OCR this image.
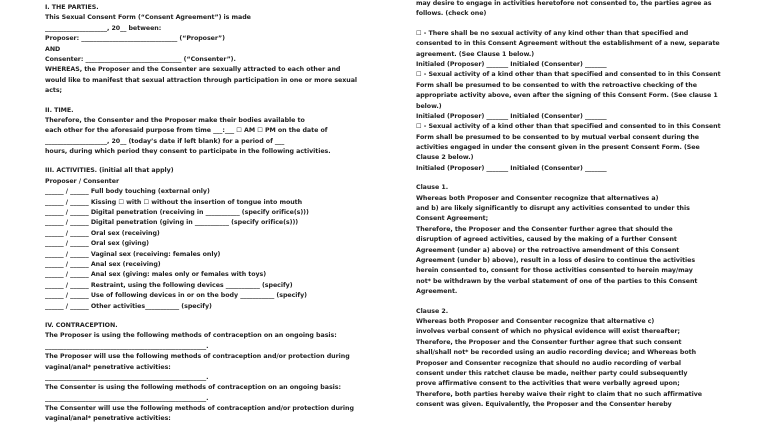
I. THE PARTIES.
This Sexual Consent Form (“Consent Agreement”) is made
____________________, 20__ between:
Proposer: _______________________________ (“Proposer”)
AND
Consenter: _______________________________ (“Consenter”).
WHEREAS, the Proposer and the Consenter are sexually attracted to each other and
would like to manifest that sexual attraction through participation in one or more sexual
acts;
II. TIME.
Therefore, the Consenter and the Proposer make their bodies available to
each other for the aforesaid purpose from time ___:___ ☐ AM ☐ PM on the date of
____________________, 20__ (today’s date if left blank) for a period of ___
hours, during which period they consent to participate in the following activities.
III. ACTIVITIES. (initial all that apply)
Proposer / Consenter
______ / ______ Full body touching (external only)
______ / ______ Kissing ☐ with ☐ without the insertion of tongue into mouth
______ / ______ Digital penetration (receiving in ___________ (specify orifice(s)))
______ / ______ Digital penetration (giving in ___________ (specify orifice(s)))
______ / ______ Oral sex (receiving)
______ / ______ Oral sex (giving)
______ / ______ Vaginal sex (receiving: females only)
______ / ______ Anal sex (receiving)
______ / ______ Anal sex (giving: males only or females with toys)
______ / ______ Restraint, using the following devices ___________ (specify)
______ / ______ Use of following devices in or on the body ___________ (specify)
______ / ______ Other activities___________ (specify)
IV. CONTRACEPTION.
The Proposer is using the following methods of contraception on an ongoing basis:
____________________________________________________.
The Proposer will use the following methods of contraception and/or protection during
vaginal/anal* penetrative activities:
____________________________________________________.
The Consenter is using the following methods of contraception on an ongoing basis:
____________________________________________________.
The Consenter will use the following methods of contraception and/or protection during
vaginal/anal* penetrative activities:
may desire to engage in activities heretofore not consented to, the parties agree as
follows. (check one)
☐ - There shall be no sexual activity of any kind other than that specified and
consented to in this Consent Agreement without the establishment of a new, separate
agreement. (See Clause 1 below.)
Initialed (Proposer) _______ Initialed (Consenter) _______
☐ - Sexual activity of a kind other than that specified and consented to in this Consent
Form shall be presumed to be consented to with the retroactive checking of the
appropriate activity above, even after the signing of this Consent Form. (See clause 1
below.)
Initialed (Proposer) _______ Initialed (Consenter) _______
☐ - Sexual activity of a kind other than that specified and consented to in this Consent
Form shall be presumed to be consented to by mutual verbal consent during the
activities engaged in under the consent given in the present Consent Form. (See
Clause 2 below.)
Initialed (Proposer) _______ Initialed (Consenter) _______
Clause 1.
Whereas both Proposer and Consenter recognize that alternatives a)
and b) are likely significantly to disrupt any activities consented to under this
Consent Agreement;
Therefore, the Proposer and the Consenter further agree that should the
disruption of agreed activities, caused by the making of a further Consent
Agreement (under a) above) or the retroactive amendment of this Consent
Agreement (under b) above), result in a loss of desire to continue the activities
herein consented to, consent for those activities consented to herein may/may
not* be withdrawn by the verbal statement of one of the parties to this Consent
Agreement.
Clause 2.
Whereas both Proposer and Consenter recognize that alternative c)
involves verbal consent of which no physical evidence will exist thereafter;
Therefore, the Proposer and the Consenter further agree that such consent
shall/shall not* be recorded using an audio recording device; and Whereas both
Proposer and Consenter recognize that should no audio recording of verbal
consent under this ratchet clause be made, neither party could subsequently
prove affirmative consent to the activities that were verbally agreed upon;
Therefore, both parties hereby waive their right to claim that no such affirmative
consent was given. Equivalently, the Proposer and the Consenter hereby
